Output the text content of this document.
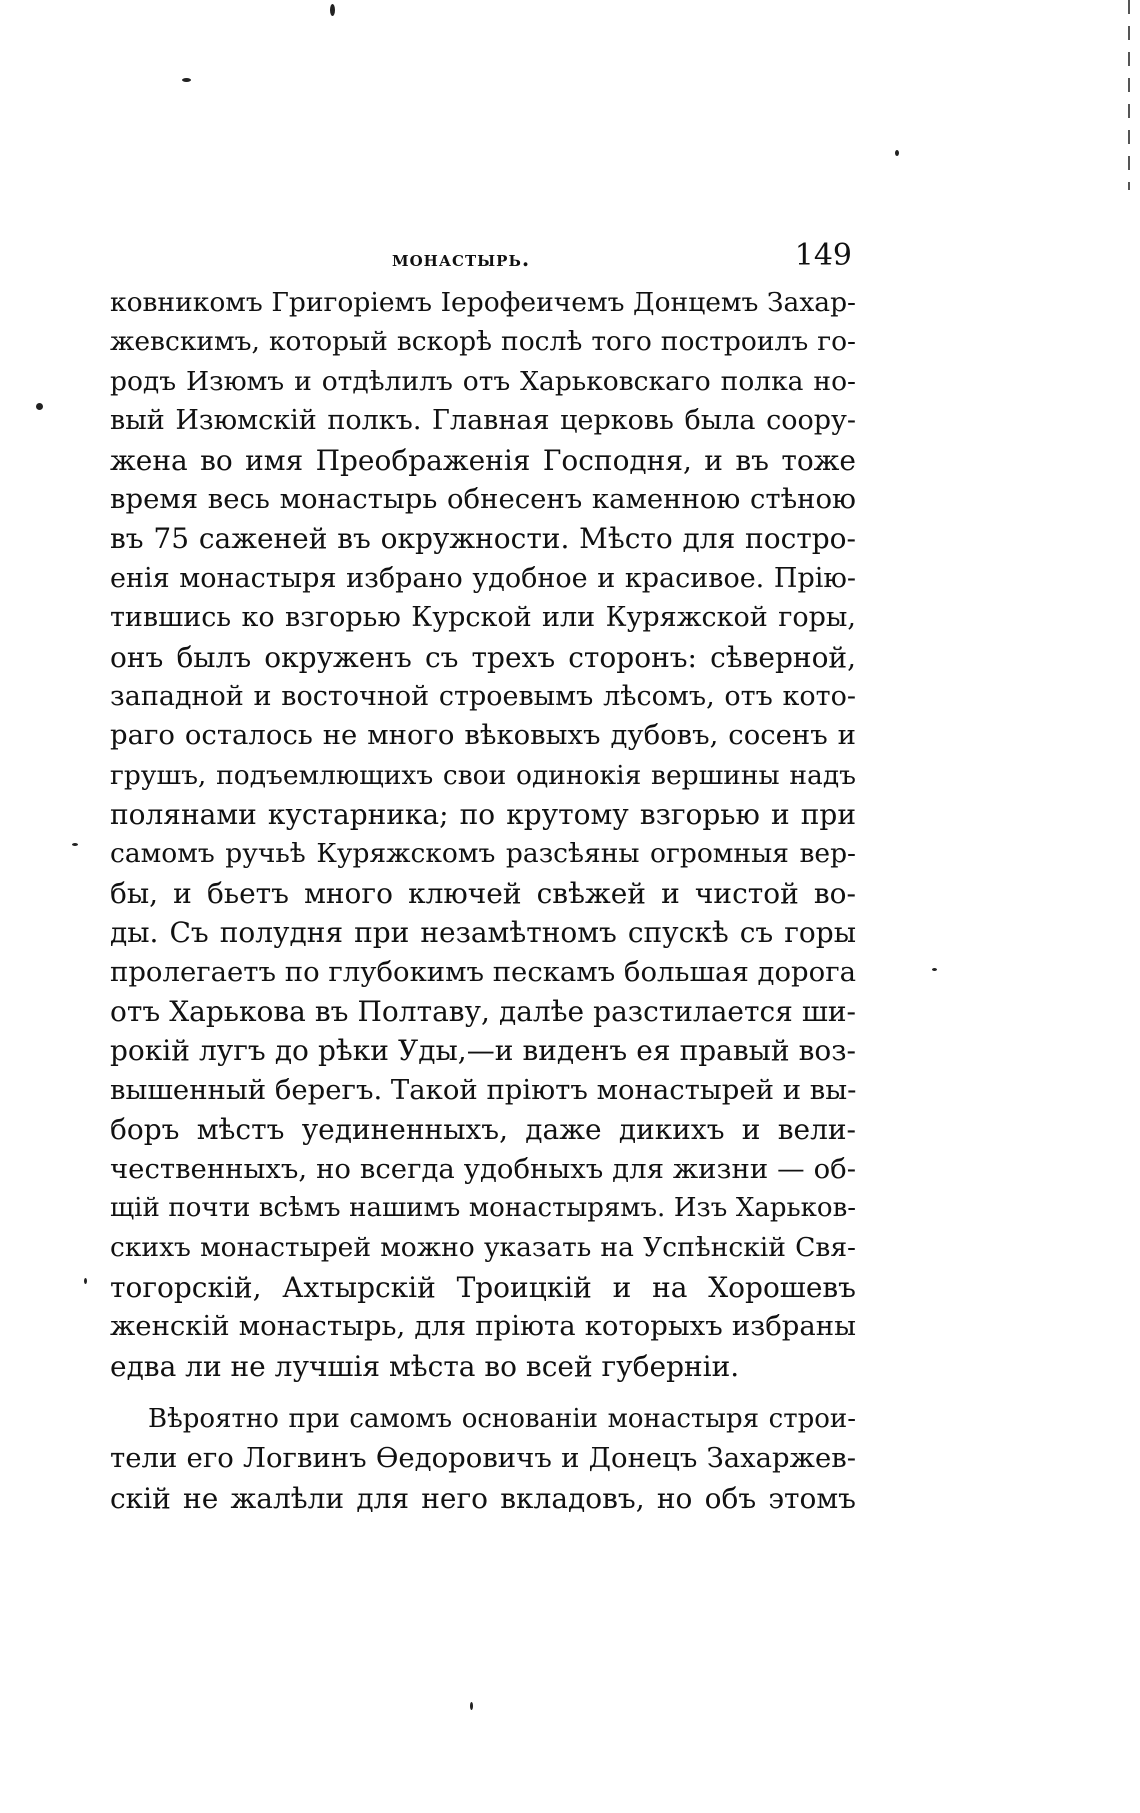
монастырь.	149
ковникомъ Григоріемъ Іерофеичемъ Донцемъ Захар-
жевскимъ, который вскорѣ послѣ того построилъ го-
родъ Изюмъ и отдѣлилъ отъ Харьковскаго полка но-
вый Изюмскій полкъ. Главная церковь была соору-
жена во имя Преображенія Господня, и въ тоже
время весь монастырь обнесенъ каменною стѣною
въ 75 саженей въ окружности. Мѣсто для постро-
енія монастыря избрано удобное и красивое. Прію-
тившись ко взгорью Курской или Куряжской горы,
онъ былъ окруженъ съ трехъ сторонъ: сѣверной,
западной и восточной строевымъ лѣсомъ, отъ кото-
раго осталось не много вѣковыхъ дубовъ, сосенъ и
грушъ, подъемлющихъ свои одинокія вершины надъ
полянами кустарника; по крутому взгорью и при
самомъ ручьѣ Куряжскомъ разсѣяны огромныя вер-
бы, и бьетъ много ключей свѣжей и чистой во-
ды. Съ полудня при незамѣтномъ спускѣ съ горы
пролегаетъ по глубокимъ пескамъ большая дорога
отъ Харькова въ Полтаву, далѣе разстилается ши-
рокій лугъ до рѣки Уды,—и виденъ ея правый воз-
вышенный берегъ. Такой пріютъ монастырей и вы-
боръ мѣстъ уединенныхъ, даже дикихъ и вели-
чественныхъ, но всегда удобныхъ для жизни — об-
щій почти всѣмъ нашимъ монастырямъ. Изъ Харьков-
скихъ монастырей можно указать на Успѣнскій Свя-
тогорскій, Ахтырскій Троицкій и на Хорошевъ
женскій монастырь, для пріюта которыхъ избраны
едва ли не лучшія мѣста во всей губерніи.
Вѣроятно при самомъ основаніи монастыря строи-
тели его Логвинъ Ѳедоровичъ и Донецъ Захаржев-
скій не жалѣли для него вкладовъ, но объ этомъ
